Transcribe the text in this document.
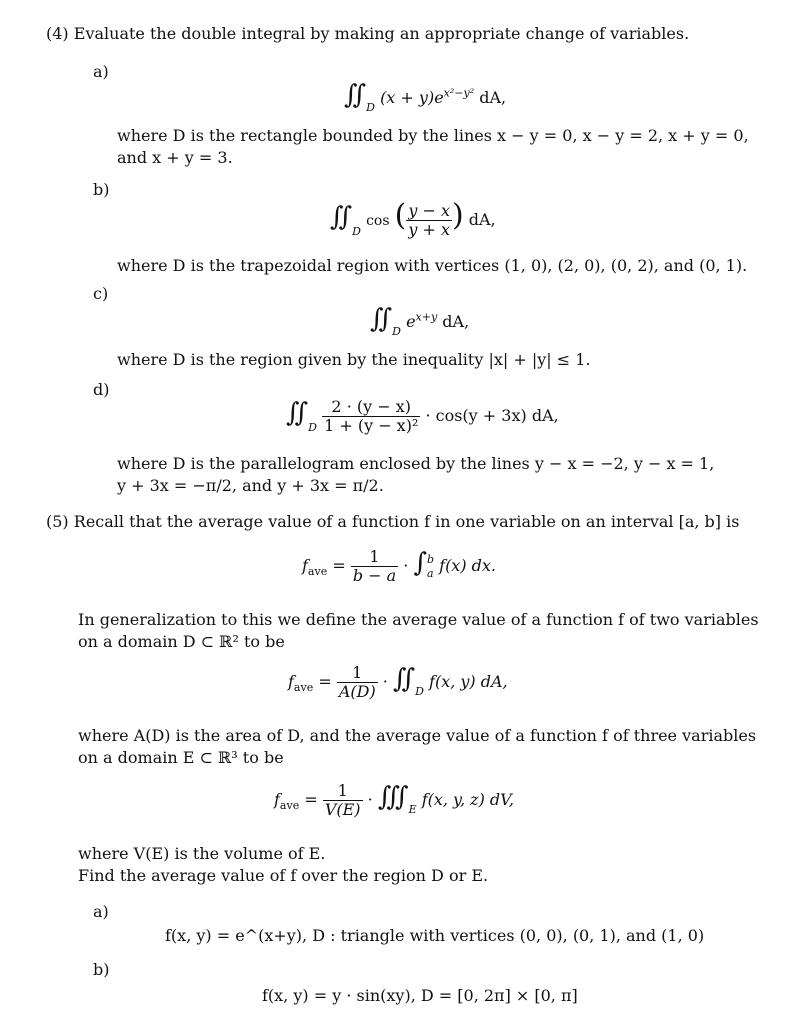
(4) Evaluate the double integral by making an appropriate change of variables.
a)
$∬_D$ $(x + y)e^{x^2-y^2}$ dA,
where D is the rectangle bounded by the lines x − y = 0, x − y = 2, x + y = 0,
and x + y = 3.
b)
$∬_D$ cos ( $\frac{y - x}{y + x}$ ) dA,
where D is the trapezoidal region with vertices (1, 0), (2, 0), (0, 2), and (0, 1).
c)
$∬_D$ $e^{x+y}$ dA,
where D is the region given by the inequality |x| + |y| ≤ 1.
d)
$∬_D \frac{2 \cdot (y - x)}{\text{1 + (y − x)²}} \cdot \cos(y + 3x)$ dA,
where D is the parallelogram enclosed by the lines y − x = −2, y − x = 1,
y + 3x = −π/2, and y + 3x = π/2.
(5) Recall that the average value of a function f in one variable on an interval [a, b] is
$f_{ave} = \frac{1}{b - a}$ · ∫ b
a f(x) dx.
In generalization to this we define the average value of a function f of two variables
on a domain D ⊂ ℝ² to be
$f_{ave} = \frac{1}{A(D)}$ · $∬_D$ f(x, y) dA,
where A(D) is the area of D, and the average value of a function f of three variables
on a domain E ⊂ ℝ³ to be
$f_{ave} = \frac{1}{V(E)}$ · $∭_E$ f(x, y, z) dV,
where V(E) is the volume of E.
Find the average value of f over the region D or E.
a)
f(x, y) = e^(x+y), D : triangle with vertices (0, 0), (0, 1), and (1, 0)
b)
f(x, y) = y · sin(xy), D = [0, 2π] × [0, π]
